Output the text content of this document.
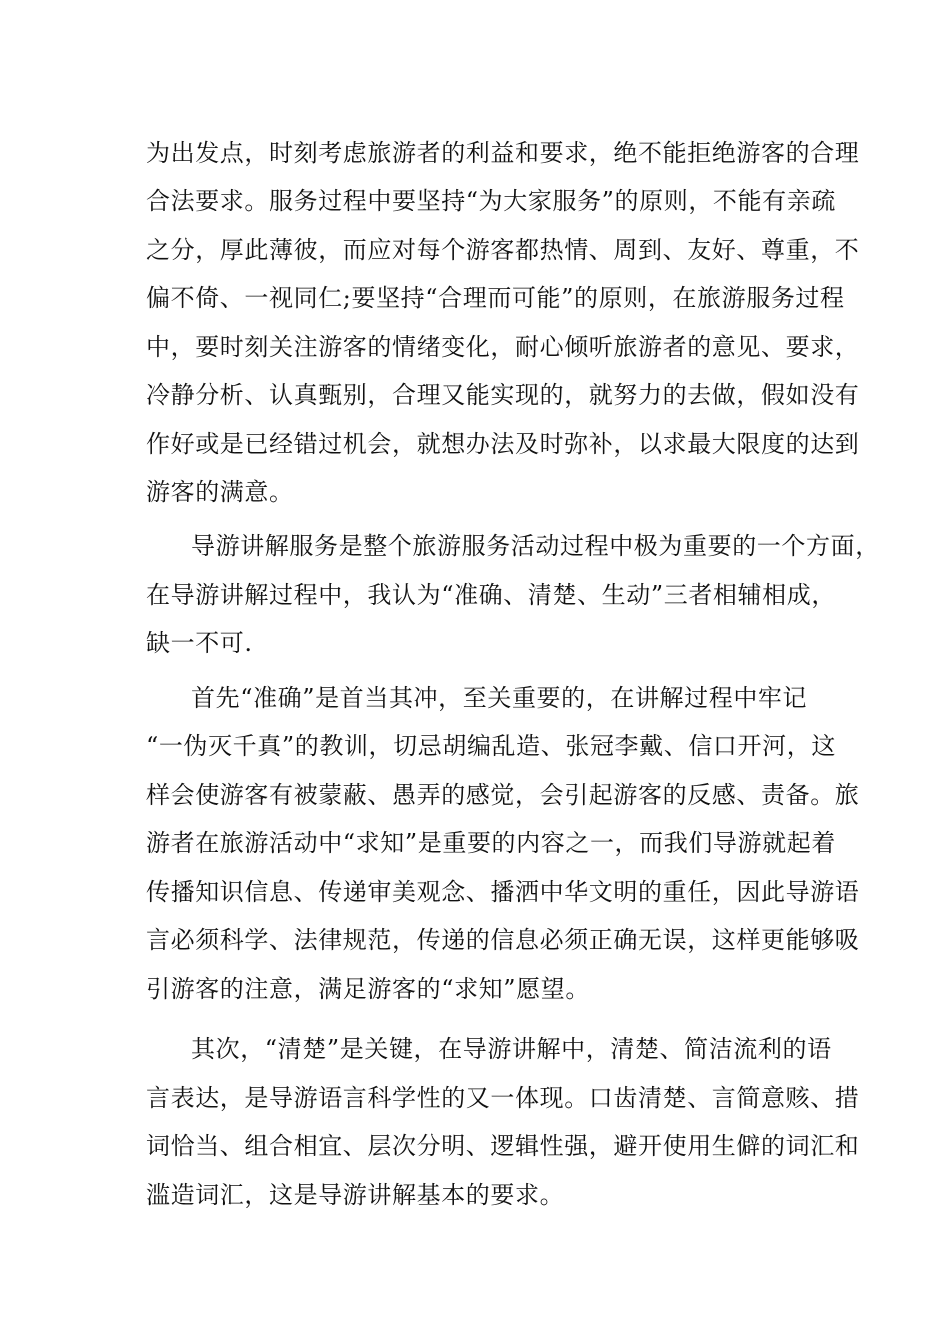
为出发点，时刻考虑旅游者的利益和要求，绝不能拒绝游客的合理
合法要求。服务过程中要坚持“为大家服务”的原则，不能有亲疏
之分，厚此薄彼，而应对每个游客都热情、周到、友好、尊重，不
偏不倚、一视同仁;要坚持“合理而可能”的原则，在旅游服务过程
中，要时刻关注游客的情绪变化，耐心倾听旅游者的意见、要求，
冷静分析、认真甄别，合理又能实现的，就努力的去做，假如没有
作好或是已经错过机会，就想办法及时弥补，以求最大限度的达到
游客的满意。
导游讲解服务是整个旅游服务活动过程中极为重要的一个方面，
在导游讲解过程中，我认为“准确、清楚、生动”三者相辅相成，
缺一不可.
首先“准确”是首当其冲，至关重要的，在讲解过程中牢记
“一伪灭千真”的教训，切忌胡编乱造、张冠李戴、信口开河，这
样会使游客有被蒙蔽、愚弄的感觉，会引起游客的反感、责备。旅
游者在旅游活动中“求知”是重要的内容之一，而我们导游就起着
传播知识信息、传递审美观念、播洒中华文明的重任，因此导游语
言必须科学、法律规范，传递的信息必须正确无误，这样更能够吸
引游客的注意，满足游客的“求知”愿望。
其次，“清楚”是关键，在导游讲解中，清楚、简洁流利的语
言表达，是导游语言科学性的又一体现。口齿清楚、言简意赅、措
词恰当、组合相宜、层次分明、逻辑性强，避开使用生僻的词汇和
滥造词汇，这是导游讲解基本的要求。
